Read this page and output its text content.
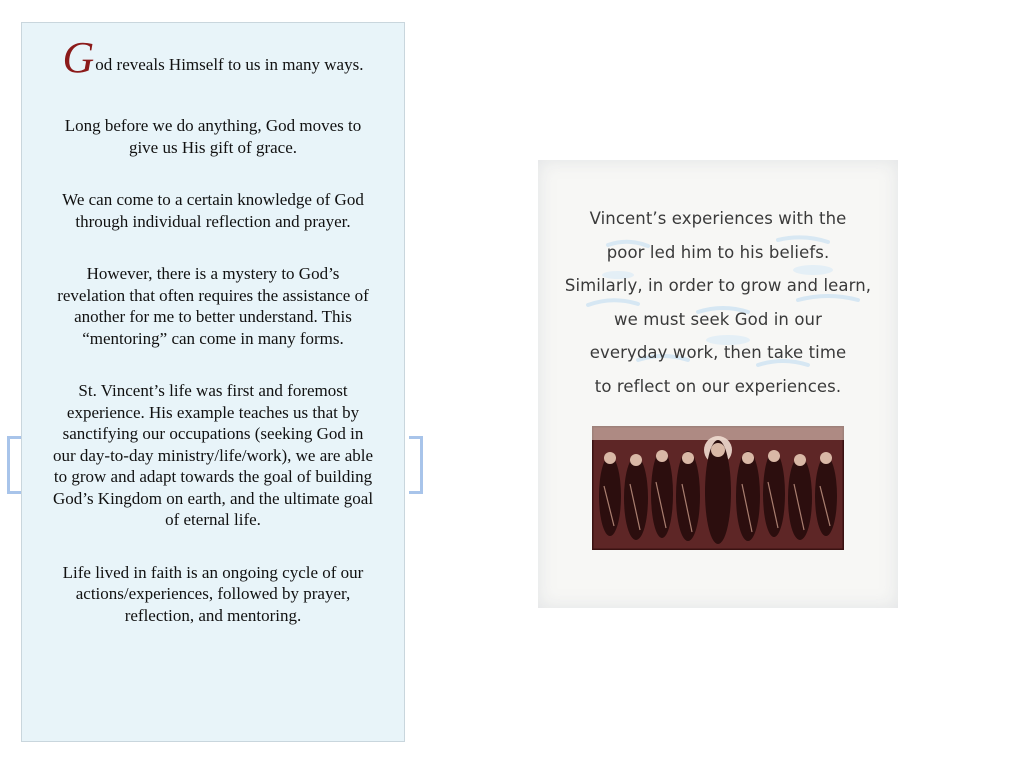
God reveals Himself to us in many ways.

Long before we do anything, God moves to give us His gift of grace.

We can come to a certain knowledge of God through individual reflection and prayer.

However, there is a mystery to God’s revelation that often requires the assistance of another for me to better understand. This “mentoring” can come in many forms.

St. Vincent’s life was first and foremost experience. His example teaches us that by sanctifying our occupations (seeking God in our day-to-day ministry/life/work), we are able to grow and adapt towards the goal of building God’s Kingdom on earth, and the ultimate goal of eternal life.

Life lived in faith is an ongoing cycle of our actions/experiences, followed by prayer, reflection, and mentoring.

Vincent’s experiences with the
poor led him to his beliefs.
Similarly, in order to grow and learn,
we must seek God in our
everyday work, then take time
to reflect on our experiences.
